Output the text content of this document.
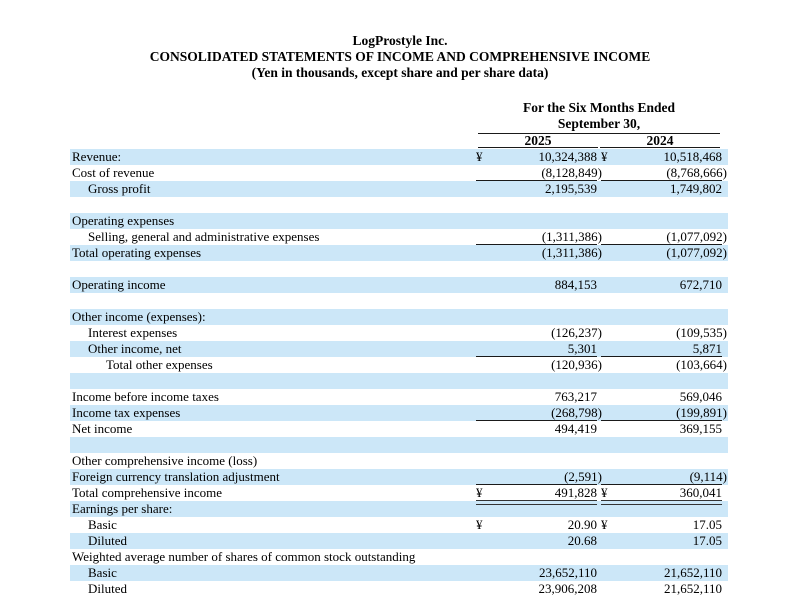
LogProstyle Inc.
CONSOLIDATED STATEMENTS OF INCOME AND COMPREHENSIVE INCOME
(Yen in thousands, except share and per share data)
For the Six Months Ended
September 30,
2025	2024
Revenue:	¥	10,324,388 ¥	10,518,468
Cost of revenue	(8,128,849)	(8,768,666)
Gross profit	2,195,539	1,749,802
Operating expenses
Selling, general and administrative expenses	(1,311,386)	(1,077,092)
Total operating expenses	(1,311,386)	(1,077,092)
Operating income	884,153	672,710
Other income (expenses):
Interest expenses	(126,237)	(109,535)
Other income, net	5,301	5,871
Total other expenses	(120,936)	(103,664)
Income before income taxes	763,217	569,046
Income tax expenses	(268,798)	(199,891)
Net income	494,419	369,155
Other comprehensive income (loss)
Foreign currency translation adjustment	(2,591)	(9,114)
Total comprehensive income	¥	491,828 ¥	360,041
Earnings per share:
Basic	¥	20.90 ¥	17.05
Diluted	20.68	17.05
Weighted average number of shares of common stock outstanding
Basic	23,652,110	21,652,110
Diluted	23,906,208	21,652,110
